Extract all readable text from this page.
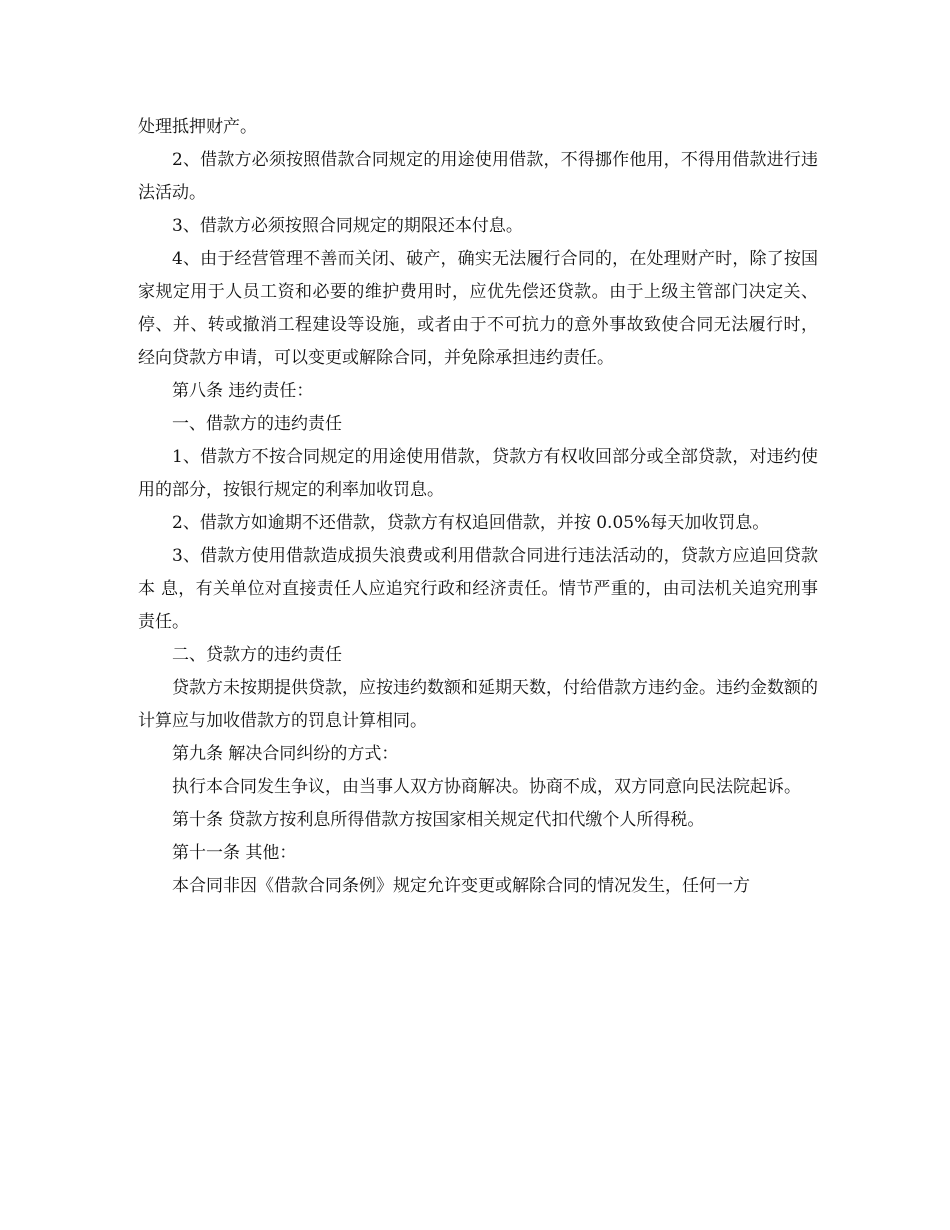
处理抵押财产。

2、借款方必须按照借款合同规定的用途使用借款，不得挪作他用，不得用借款进行违法活动。

3、借款方必须按照合同规定的期限还本付息。

4、由于经营管理不善而关闭、破产，确实无法履行合同的，在处理财产时，除了按国家规定用于人员工资和必要的维护费用时，应优先偿还贷款。由于上级主管部门决定关、 停、并、转或撤消工程建设等设施，或者由于不可抗力的意外事故致使合同无法履行时， 经向贷款方申请，可以变更或解除合同，并免除承担违约责任。

第八条 违约责任：

一、借款方的违约责任

1、借款方不按合同规定的用途使用借款，贷款方有权收回部分或全部贷款，对违约使用的部分，按银行规定的利率加收罚息。

2、借款方如逾期不还借款，贷款方有权追回借款，并按 0.05%每天加收罚息。

3、借款方使用借款造成损失浪费或利用借款合同进行违法活动的，贷款方应追回贷款本 息，有关单位对直接责任人应追究行政和经济责任。情节严重的，由司法机关追究刑事 责任。

二、贷款方的违约责任

贷款方未按期提供贷款，应按违约数额和延期天数，付给借款方违约金。违约金数额的计算应与加收借款方的罚息计算相同。

第九条 解决合同纠纷的方式：

执行本合同发生争议，由当事人双方协商解决。协商不成，双方同意向民法院起诉。

第十条 贷款方按利息所得借款方按国家相关规定代扣代缴个人所得税。

第十一条 其他：

本合同非因《借款合同条例》规定允许变更或解除合同的情况发生，任何一方
